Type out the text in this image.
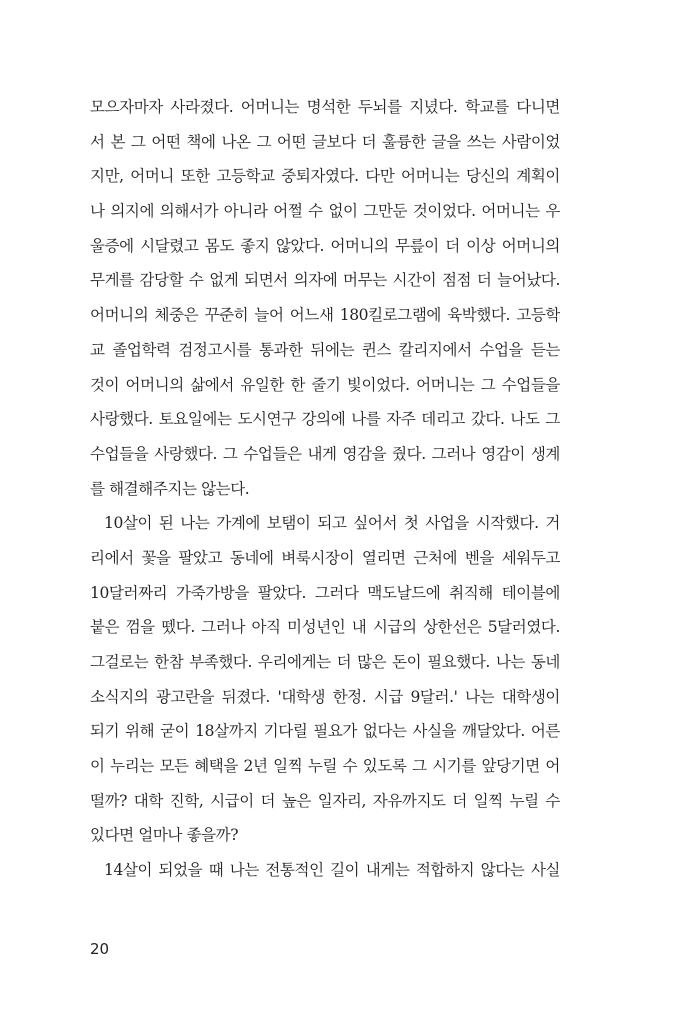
모으자마자 사라졌다. 어머니는 명석한 두뇌를 지녔다. 학교를 다니면
서 본 그 어떤 책에 나온 그 어떤 글보다 더 훌륭한 글을 쓰는 사람이었
지만, 어머니 또한 고등학교 중퇴자였다. 다만 어머니는 당신의 계획이
나 의지에 의해서가 아니라 어쩔 수 없이 그만둔 것이었다. 어머니는 우
울증에 시달렸고 몸도 좋지 않았다. 어머니의 무릎이 더 이상 어머니의
무게를 감당할 수 없게 되면서 의자에 머무는 시간이 점점 더 늘어났다.
어머니의 체중은 꾸준히 늘어 어느새 180킬로그램에 육박했다. 고등학
교 졸업학력 검정고시를 통과한 뒤에는 퀸스 칼리지에서 수업을 듣는
것이 어머니의 삶에서 유일한 한 줄기 빛이었다. 어머니는 그 수업들을
사랑했다. 토요일에는 도시연구 강의에 나를 자주 데리고 갔다. 나도 그
수업들을 사랑했다. 그 수업들은 내게 영감을 줬다. 그러나 영감이 생계
를 해결해주지는 않는다.
10살이 된 나는 가계에 보탬이 되고 싶어서 첫 사업을 시작했다. 거
리에서 꽃을 팔았고 동네에 벼룩시장이 열리면 근처에 벤을 세워두고
10달러짜리 가죽가방을 팔았다. 그러다 맥도날드에 취직해 테이블에
붙은 껌을 뗐다. 그러나 아직 미성년인 내 시급의 상한선은 5달러였다.
그걸로는 한참 부족했다. 우리에게는 더 많은 돈이 필요했다. 나는 동네
소식지의 광고란을 뒤졌다. '대학생 한정. 시급 9달러.' 나는 대학생이
되기 위해 굳이 18살까지 기다릴 필요가 없다는 사실을 깨달았다. 어른
이 누리는 모든 혜택을 2년 일찍 누릴 수 있도록 그 시기를 앞당기면 어
떨까? 대학 진학, 시급이 더 높은 일자리, 자유까지도 더 일찍 누릴 수
있다면 얼마나 좋을까?
14살이 되었을 때 나는 전통적인 길이 내게는 적합하지 않다는 사실
20
